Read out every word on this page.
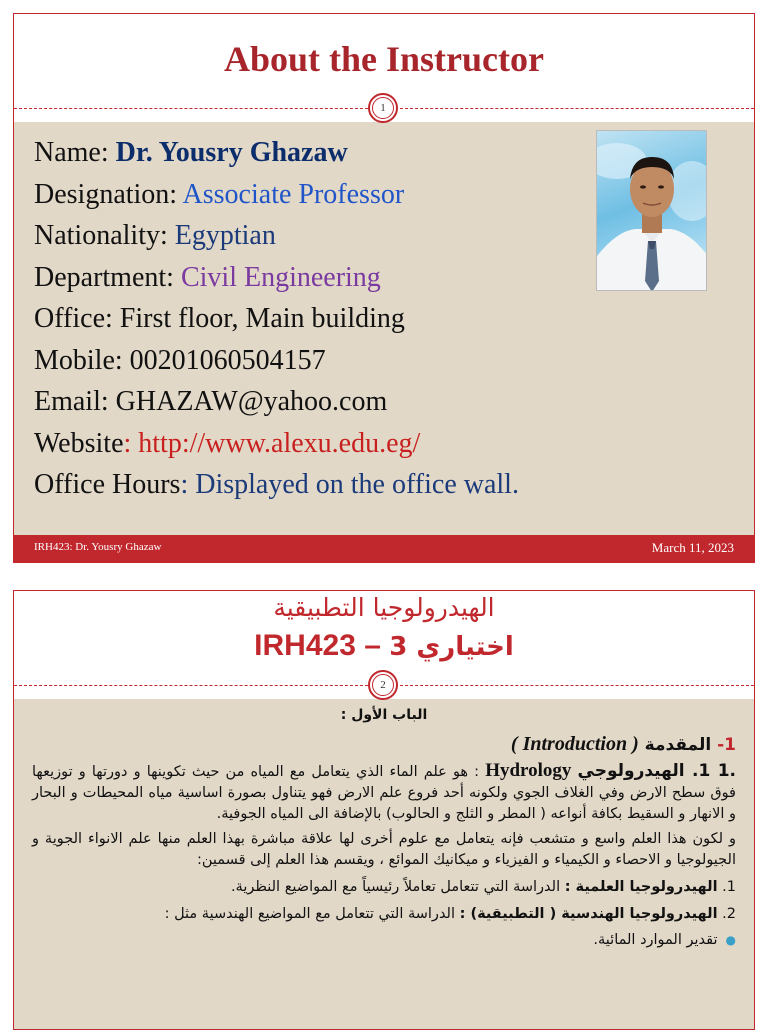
About the Instructor
1
Name: Dr. Yousry Ghazaw
Designation: Associate Professor
Nationality: Egyptian
Department: Civil Engineering
Office: First floor, Main building
Mobile: 00201060504157
Email: GHAZAW@yahoo.com
Website: http://www.alexu.edu.eg/
Office Hours: Displayed on the office wall.
IRH423: Dr. Yousry Ghazaw	March 11, 2023
الهيدرولوجيا التطبيقية
IRH423 – اختياري 3
2
الباب الأول :
1- المقدمة ( Introduction )

.1 1. الهيدرولوجي Hydrology : هو علم الماء الذي يتعامل مع المياه من حيث تكوينها و دورتها و توزيعها فوق سطح الارض وفي الغلاف الجوي ولكونه أحد فروع علم الارض فهو يتناول بصورة اساسية مياه المحيطات و البحار و الانهار و السقيط بكافة أنواعه ( المطر و الثلج و الحالوب) بالإضافة الى المياه الجوفية.

و لكون هذا العلم واسع و متشعب فإنه يتعامل مع علوم أخرى لها علاقة مباشرة بهذا العلم منها علم الانواء الجوية و الجيولوجيا و الاحصاء و الكيمياء و الفيزياء و ميكانيك الموائع ، ويقسم هذا العلم إلى قسمين:

1. الهيدرولوجيا العلمية : الدراسة التي تتعامل تعاملاً رئيسياً مع المواضيع النظرية.
2. الهيدرولوجيا الهندسية ( التطبيقية) : الدراسة التي تتعامل مع المواضيع الهندسية مثل :
●تقدير الموارد المائية.
